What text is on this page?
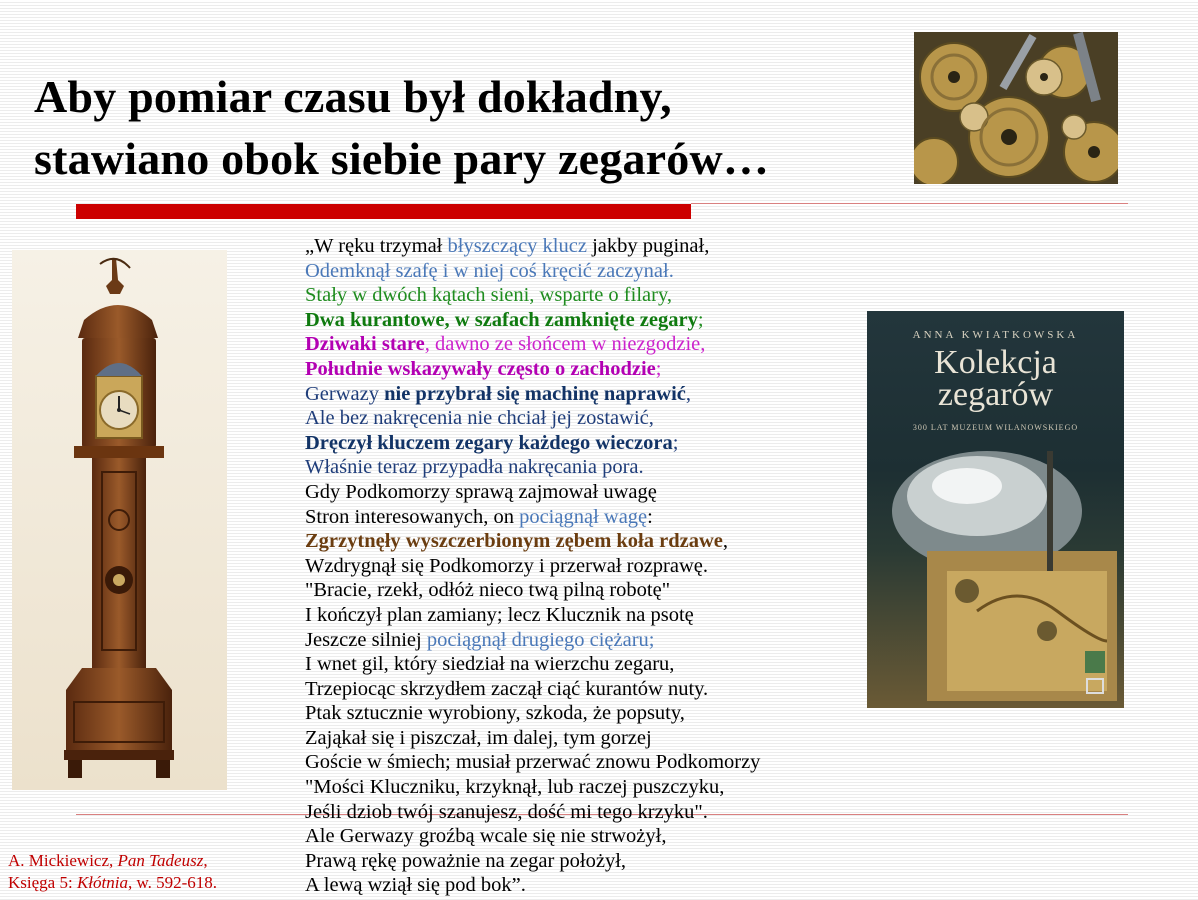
Aby pomiar czasu był dokładny,
stawiano obok siebie pary zegarów…
„W ręku trzymał błyszczący klucz jakby puginał,
Odemknął szafę i w niej coś kręcić zaczynał.
Stały w dwóch kątach sieni, wsparte o filary,
Dwa kurantowe, w szafach zamknięte zegary;
Dziwaki stare, dawno ze słońcem w niezgodzie,
Południe wskazywały często o zachodzie;
Gerwazy nie przybrał się machinę naprawić,
Ale bez nakręcenia nie chciał jej zostawić,
Dręczył kluczem zegary każdego wieczora;
Właśnie teraz przypadła nakręcania pora.
Gdy Podkomorzy sprawą zajmował uwagę
Stron interesowanych, on pociągnął wagę:
Zgrzytnęły wyszczerbionym zębem koła rdzawe,
Wzdrygnął się Podkomorzy i przerwał rozprawę.
"Bracie, rzekł, odłóż nieco twą pilną robotę"
I kończył plan zamiany; lecz Klucznik na psotę
Jeszcze silniej pociągnął drugiego ciężaru;
I wnet gil, który siedział na wierzchu zegaru,
Trzepiocąc skrzydłem zaczął ciąć kurantów nuty.
Ptak sztucznie wyrobiony, szkoda, że popsuty,
Zająkał się i piszczał, im dalej, tym gorzej
Goście w śmiech; musiał przerwać znowu Podkomorzy
"Mości Kluczniku, krzyknął, lub raczej puszczyku,
Jeśli dziob twój szanujesz, dość mi tego krzyku".
Ale Gerwazy groźbą wcale się nie strwożył,
Prawą rękę poważnie na zegar położył,
A lewą wziął się pod bok”.
ANNA KWIATKOWSKA
Kolekcja
zegarów
300 LAT MUZEUM WILANOWSKIEGO
A. Mickiewicz, Pan Tadeusz,
Księga 5: Kłótnia, w. 592-618.
